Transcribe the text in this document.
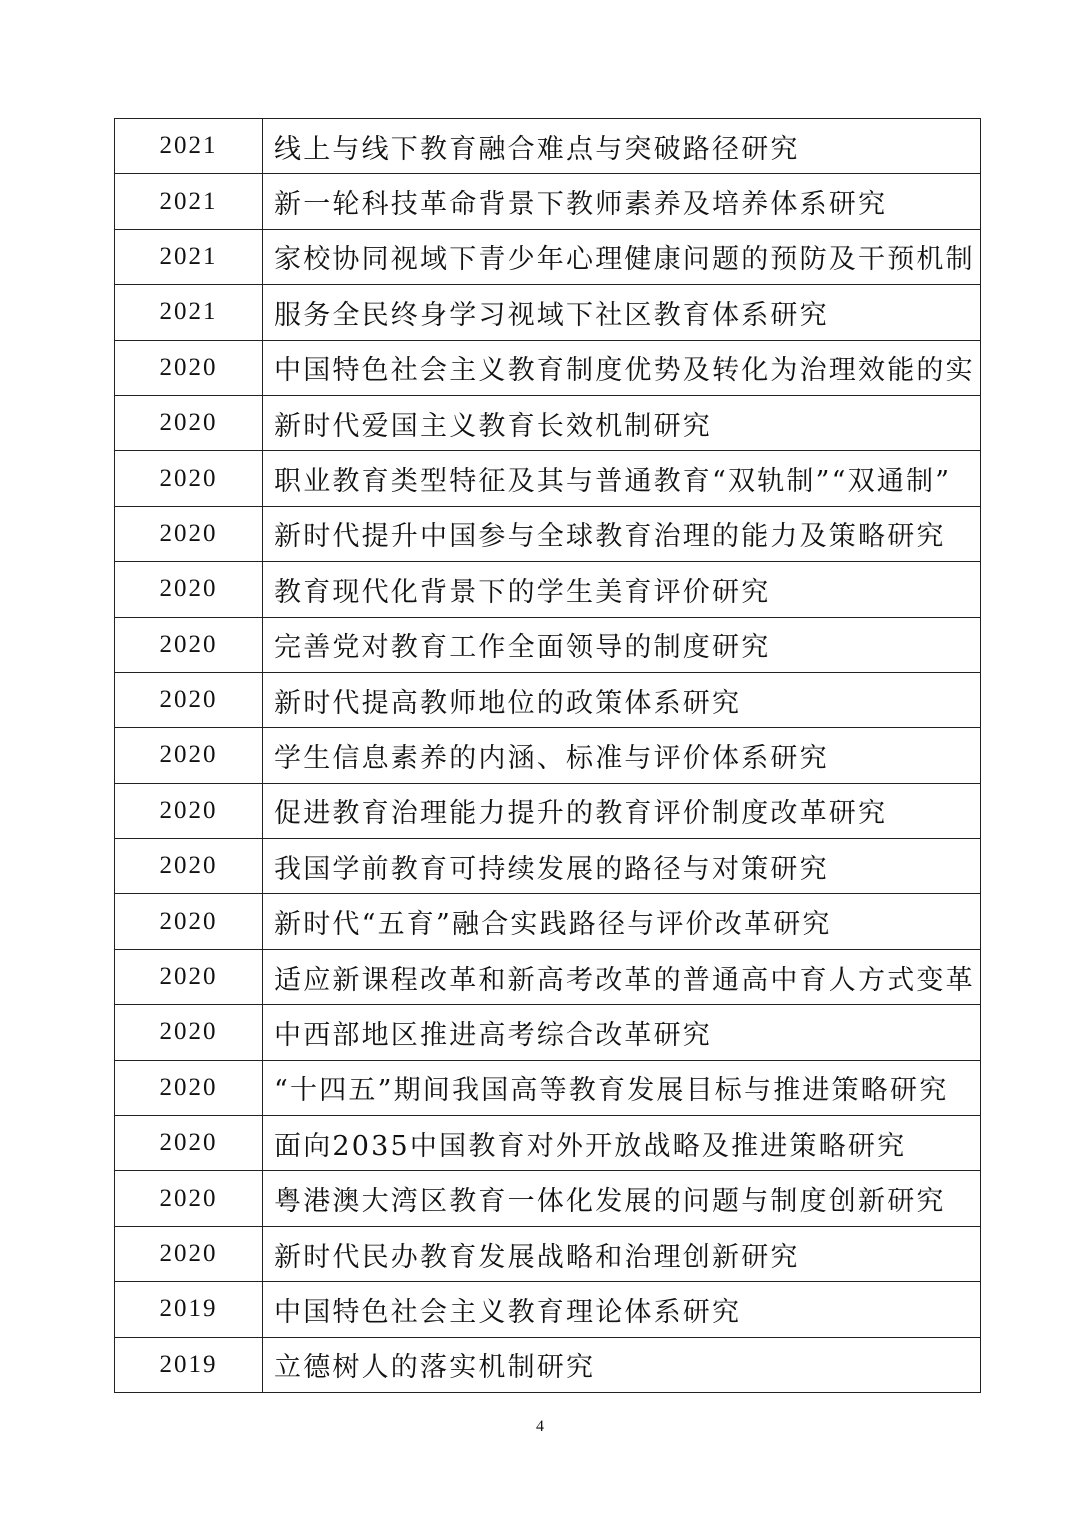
2021	线上与线下教育融合难点与突破路径研究
2021	新一轮科技革命背景下教师素养及培养体系研究
2021	家校协同视域下青少年心理健康问题的预防及干预机制
2021	服务全民终身学习视域下社区教育体系研究
2020	中国特色社会主义教育制度优势及转化为治理效能的实
2020	新时代爱国主义教育长效机制研究
2020	职业教育类型特征及其与普通教育“双轨制”“双通制”
2020	新时代提升中国参与全球教育治理的能力及策略研究
2020	教育现代化背景下的学生美育评价研究
2020	完善党对教育工作全面领导的制度研究
2020	新时代提高教师地位的政策体系研究
2020	学生信息素养的内涵、标准与评价体系研究
2020	促进教育治理能力提升的教育评价制度改革研究
2020	我国学前教育可持续发展的路径与对策研究
2020	新时代“五育”融合实践路径与评价改革研究
2020	适应新课程改革和新高考改革的普通高中育人方式变革
2020	中西部地区推进高考综合改革研究
2020	“十四五”期间我国高等教育发展目标与推进策略研究
2020	面向2035中国教育对外开放战略及推进策略研究
2020	粤港澳大湾区教育一体化发展的问题与制度创新研究
2020	新时代民办教育发展战略和治理创新研究
2019	中国特色社会主义教育理论体系研究
2019	立德树人的落实机制研究
4
